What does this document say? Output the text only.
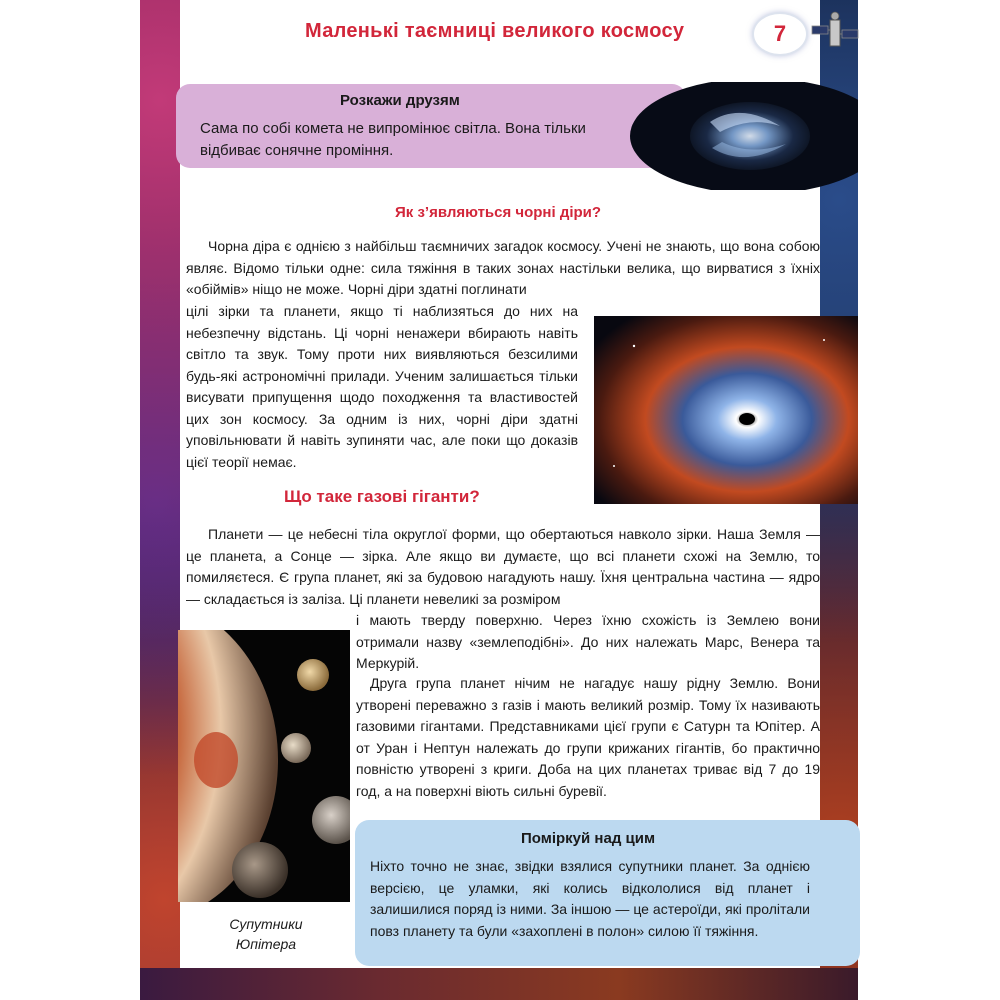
Маленькі таємниці великого космосу	7
Розкажи друзям

Сама по собі комета не випромінює світла. Вона тільки відбиває сонячне проміння.

Як з’являються чорні діри?

Чорна діра є однією з найбільш таємничих загадок космосу. Учені не знають, що вона собою являє. Відомо тільки одне: сила тяжіння в таких зонах настільки велика, що вирватися з їхніх «обіймів» ніщо не може. Чорні діри здатні поглинати

цілі зірки та планети, якщо ті наблизяться до них на небезпечну відстань. Ці чорні ненажери вбирають навіть світло та звук. Тому проти них виявляються безсилими будь-які астрономічні прилади. Ученим залишається тільки висувати припущення щодо походження та властивостей цих зон космосу. За одним із них, чорні діри здатні уповільнювати й навіть зупиняти час, але поки що доказів цієї теорії немає.

Що таке газові гіганти?

Планети — це небесні тіла округлої форми, що обертаються навколо зірки. Наша Земля — це планета, а Сонце — зірка. Але якщо ви думаєте, що всі планети схожі на Землю, то помиляєтеся. Є група планет, які за будовою нагадують нашу. Їхня центральна частина — ядро — складається із заліза. Ці планети невеликі за розміром

і мають тверду поверхню. Через їхню схожість із Землею вони отримали назву «землеподібні». До них належать Марс, Венера та Меркурій.

Друга група планет нічим не нагадує нашу рідну Землю. Вони утворені переважно з газів і мають великий розмір. Тому їх називають газовими гігантами. Представниками цієї групи є Сатурн та Юпітер. А от Уран і Нептун належать до групи крижаних гігантів, бо практично повністю утворені з криги. Доба на цих планетах триває від 7 до 19 год, а на поверхні віють сильні буревії.

Супутники
Юпітера
Поміркуй над цим

Ніхто точно не знає, звідки взялися супутники планет. За однією версією, це уламки, які колись відкололися від планет і залишилися поряд із ними. За іншою — це астероїди, які пролітали повз планету та були «захоплені в полон» силою її тяжіння.
